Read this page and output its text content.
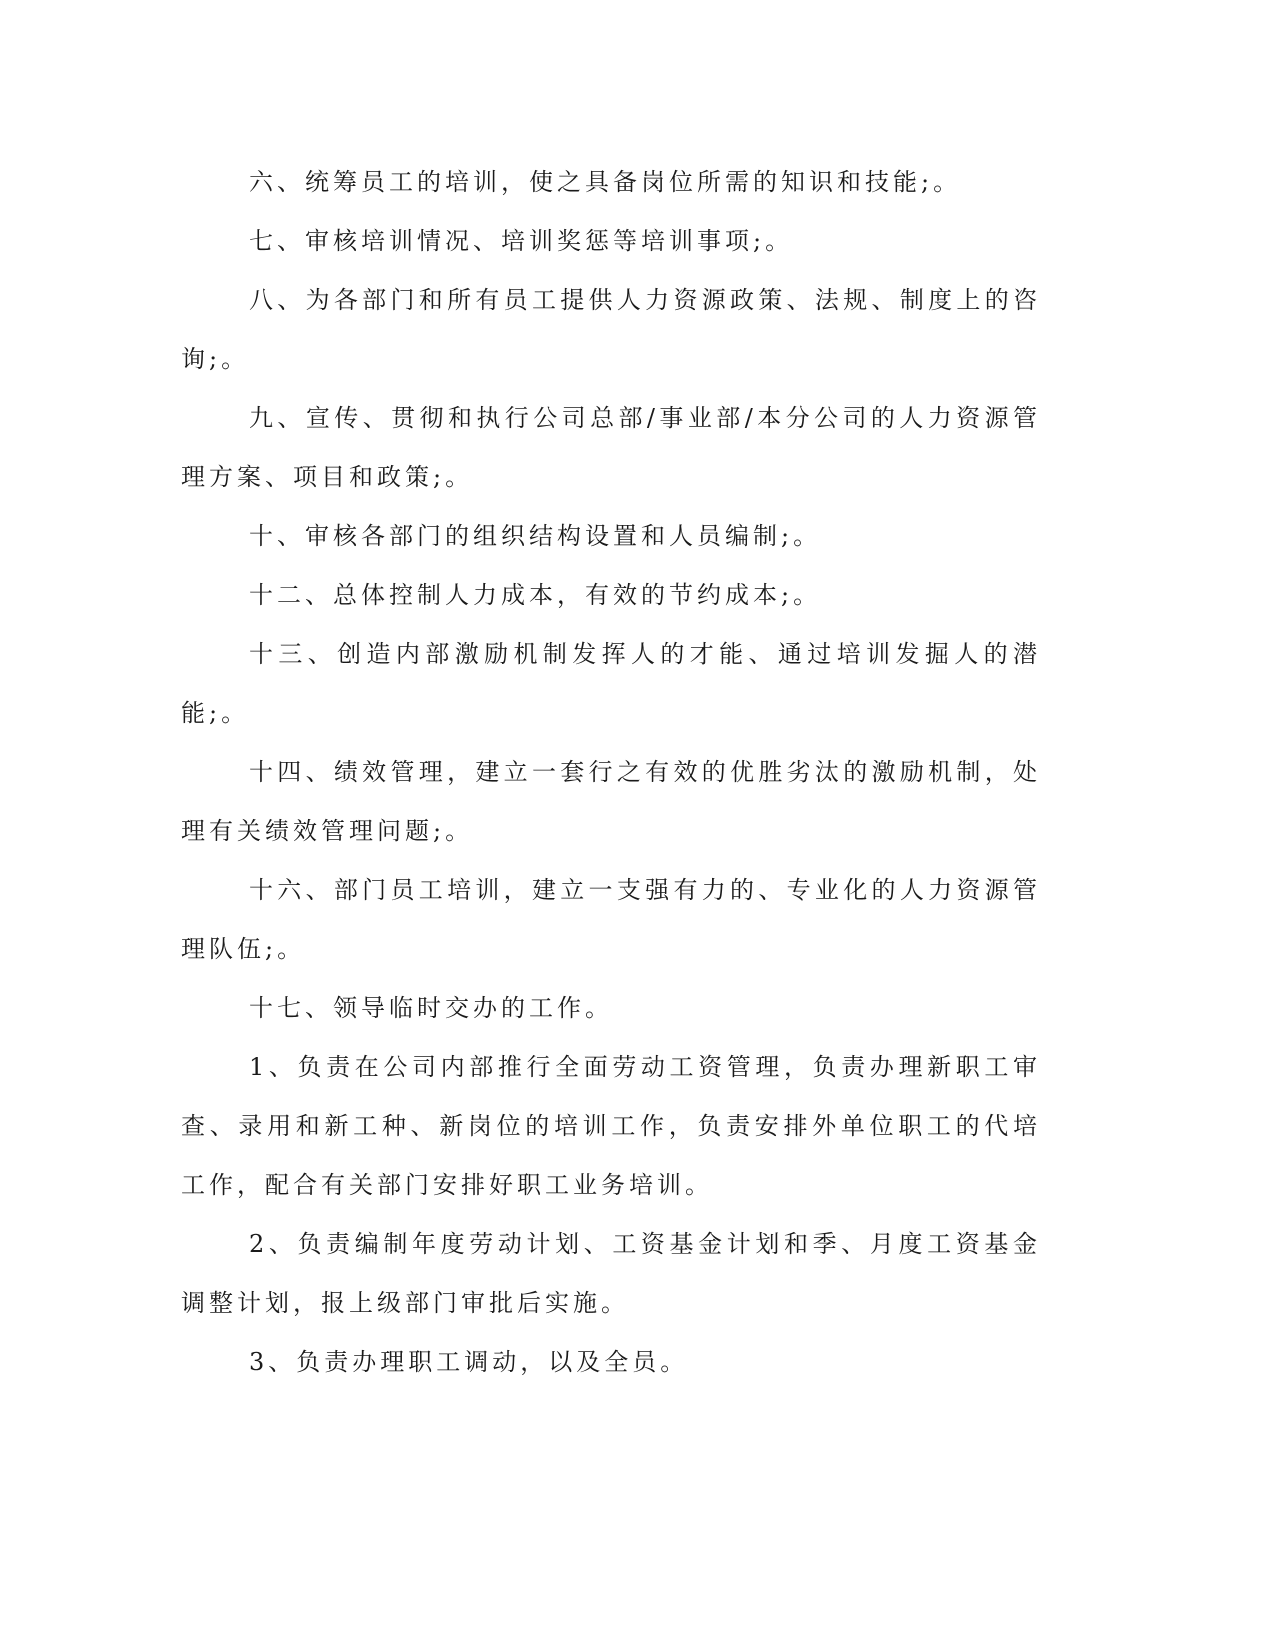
六、统筹员工的培训，使之具备岗位所需的知识和技能;。

七、审核培训情况、培训奖惩等培训事项;。

八、为各部门和所有员工提供人力资源政策、法规、制度上的咨询;。

九、宣传、贯彻和执行公司总部/事业部/本分公司的人力资源管理方案、项目和政策;。

十、审核各部门的组织结构设置和人员编制;。

十二、总体控制人力成本，有效的节约成本;。

十三、创造内部激励机制发挥人的才能、通过培训发掘人的潜能;。

十四、绩效管理，建立一套行之有效的优胜劣汰的激励机制，处理有关绩效管理问题;。

十六、部门员工培训，建立一支强有力的、专业化的人力资源管理队伍;。

十七、领导临时交办的工作。

1、负责在公司内部推行全面劳动工资管理，负责办理新职工审查、录用和新工种、新岗位的培训工作，负责安排外单位职工的代培工作，配合有关部门安排好职工业务培训。

2、负责编制年度劳动计划、工资基金计划和季、月度工资基金调整计划，报上级部门审批后实施。

3、负责办理职工调动，以及全员。
